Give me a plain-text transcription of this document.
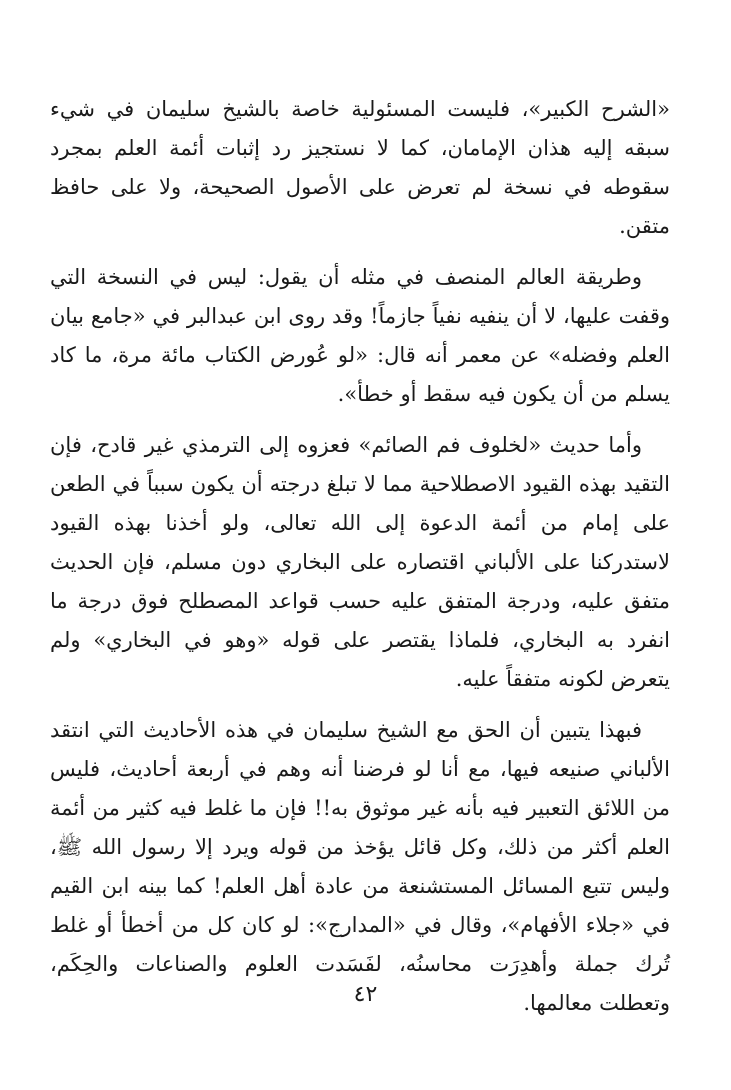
«الشرح الكبير»، فليست المسئولية خاصة بالشيخ سليمان في شيء سبقه إليه هذان الإمامان، كما لا نستجيز رد إثبات أئمة العلم بمجرد سقوطه في نسخة لم تعرض على الأصول الصحيحة، ولا على حافظ متقن.

وطريقة العالم المنصف في مثله أن يقول: ليس في النسخة التي وقفت عليها، لا أن ينفيه نفياً جازماً! وقد روى ابن عبدالبر في «جامع بيان العلم وفضله» عن معمر أنه قال: «لو عُورض الكتاب مائة مرة، ما كاد يسلم من أن يكون فيه سقط أو خطأ».

وأما حديث «لخلوف فم الصائم» فعزوه إلى الترمذي غير قادح، فإن التقيد بهذه القيود الاصطلاحية مما لا تبلغ درجته أن يكون سبباً في الطعن على إمام من أئمة الدعوة إلى الله تعالى، ولو أخذنا بهذه القيود لاستدركنا على الألباني اقتصاره على البخاري دون مسلم، فإن الحديث متفق عليه، ودرجة المتفق عليه حسب قواعد المصطلح فوق درجة ما انفرد به البخاري، فلماذا يقتصر على قوله «وهو في البخاري» ولم يتعرض لكونه متفقاً عليه.

فبهذا يتبين أن الحق مع الشيخ سليمان في هذه الأحاديث التي انتقد الألباني صنيعه فيها، مع أنا لو فرضنا أنه وهم في أربعة أحاديث، فليس من اللائق التعبير فيه بأنه غير موثوق به!! فإن ما غلط فيه كثير من أئمة العلم أكثر من ذلك، وكل قائل يؤخذ من قوله ويرد إلا رسول الله ﷺ، وليس تتبع المسائل المستشنعة من عادة أهل العلم! كما بينه ابن القيم في «جلاء الأفهام»، وقال في «المدارج»: لو كان كل من أخطأ أو غلط تُرك جملة وأهدِرَت محاسنُه، لفَسَدت العلوم والصناعات والحِكَم، وتعطلت معالمها.

٤٢
